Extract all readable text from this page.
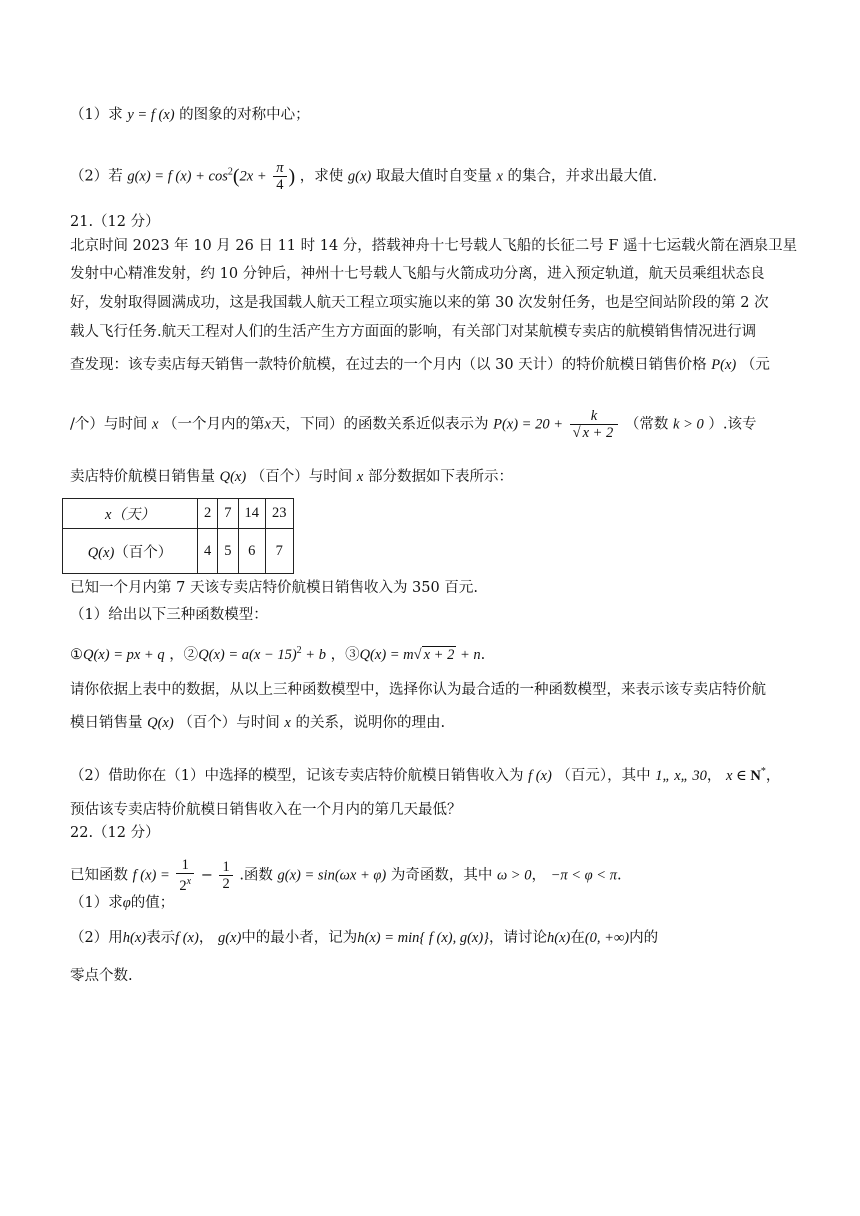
（1）求 y = f (x) 的图象的对称中心；
（2）若 g(x) = f $(x) + \cos^2(2x + \frac{\pi}{4}$ ) ，求使 g(x) 取最大值时自变量 x 的集合，并求出最大值.
21.（12 分）
北京时间 2023 年 10 月 26 日 11 时 14 分，搭载神舟十七号载人飞船的长征二号 F 遥十七运载火箭在酒泉卫星
发射中心精准发射，约 10 分钟后，神州十七号载人飞船与火箭成功分离，进入预定轨道，航天员乘组状态良
好，发射取得圆满成功，这是我国载人航天工程立项实施以来的第 30 次发射任务，也是空间站阶段的第 2 次
载人飞行任务.航天工程对人们的生活产生方方面面的影响，有关部门对某航模专卖店的航模销售情况进行调
查发现：该专卖店每天销售一款特价航模，在过去的一个月内（以 30 天计）的特价航模日销售价格 P(x) （元
/个）与时间 x （一个月内的第x天，下同）的函数关系近似表示为 $P(x) = 20 + \frac{k}{√ x + 2}$ （常数 k > 0 ）.该专
卖店特价航模日销售量 Q(x) （百个）与时间 x 部分数据如下表所示：
x（天）	2	7	14	23
Q(x)（百个）	4	5	6	7
已知一个月内第 7 天该专卖店特价航模日销售收入为 350 百元.
（1）给出以下三种函数模型：
①Q(x) = px + q ，②Q(x) = $a(x - 15)^2 + b$ ，③Q(x) = m√ x + 2 + n.
请你依据上表中的数据，从以上三种函数模型中，选择你认为最合适的一种函数模型，来表示该专卖店特价航
模日销售量 Q(x) （百个）与时间 x 的关系，说明你的理由.
（2）借助你在（1）中选择的模型，记该专卖店特价航模日销售收入为 f (x) （百元），其中 1„ x„ 30， x ∈ N*，
预估该专卖店特价航模日销售收入在一个月内的第几天最低？
22.（12 分）
已知函数 f $(x) = \frac{1}{2^x} - \frac{1}{2}$ .函数 g(x) = sin(ωx + φ) 为奇函数，其中 ω > 0， −π < φ < π.
（1）求φ的值；
（2）用h(x)表示f (x)， g(x)中的最小者，记为h(x) = min{ f (x), g(x)}，请讨论h(x)在(0, +∞)内的
零点个数.
